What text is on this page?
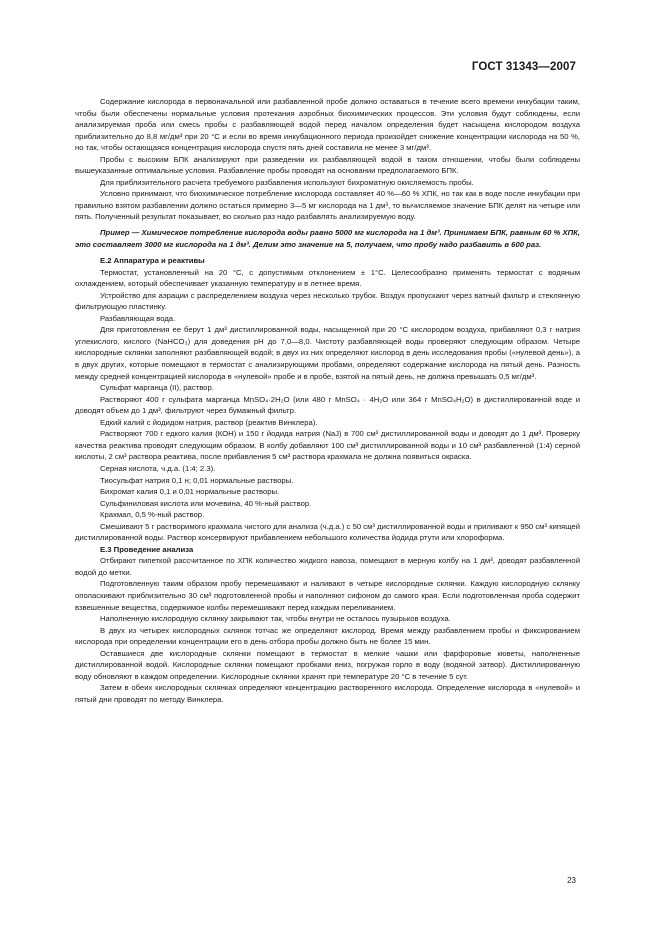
ГОСТ 31343—2007

Содержание кислорода в первоначальной или разбавленной пробе должно оставаться в течение всего времени инкубации таким, чтобы были обеспечены нормальные условия протекания аэробных биохимических процессов. Эти условия будут соблюдены, если анализируемая проба или смесь пробы с разбавляющей водой перед началом определения будет насыщена кислородом воздуха приблизительно до 8,8 мг/дм³ при 20 °С и если во время инкубационного периода произойдет снижение концентрации кислорода на 50 %, но так, чтобы остающаяся концентрация кислорода спустя пять дней составила не менее 3 мг/дм³.

Пробы с высоким БПК анализируют при разведении их разбавляющей водой в таком отношении, чтобы были соблюдены вышеуказанные оптимальные условия. Разбавление пробы проводят на основании предполагаемого БПК.

Для приблизительного расчета требуемого разбавления используют бихроматную окисляемость пробы.

Условно принимают, что биохимическое потребление кислорода составляет 40 %—60 % ХПК, но так как в воде после инкубации при правильно взятом разбавлении должно остаться примерно 3—5 мг кислорода на 1 дм³, то вычисляемое значение БПК делят на четыре или пять. Полученный результат показывает, во сколько раз надо разбавлять анализируемую воду.

Пример — Химическое потребление кислорода воды равно 5000 мг кислорода на 1 дм³. Принимаем БПК, равным 60 % ХПК, это составляет 3000 мг кислорода на 1 дм³. Делим это значение на 5, получаем, что пробу надо разбавить в 600 раз.

Е.2 Аппаратура и реактивы

Термостат, установленный на 20 °С, с допустимым отклонением ± 1°С. Целесообразно применять термостат с водяным охлаждением, который обеспечивает указанную температуру и в летнее время.

Устройство для аэрации с распределением воздуха через несколько трубок. Воздух пропускают через ватный фильтр и стеклянную фильтрующую пластинку.

Разбавляющая вода.

Для приготовления ее берут 1 дм³ дистиллированной воды, насыщенной при 20 °С кислородом воздуха, прибавляют 0,3 г натрия углекислого, кислого (NaHCO₃) для доведения рН до 7,0—8,0. Чистоту разбавляющей воды проверяют следующим образом. Четыре кислородные склянки заполняют разбавляющей водой; в двух из них определяют кислород в день исследования пробы («нулевой день»), а в двух других, которые помещают в термостат с анализирующими пробами, определяют содержание кислорода на пятый день. Разность между средней концентрацией кислорода в «нулевой» пробе и в пробе, взятой на пятый день, не должна превышать 0,5 мг/дм³.

Сульфат марганца (II), раствор.

Растворяют 400 г сульфата марганца MnSO₄·2H₂O (или 480 г MnSO₄ · 4H₂O или 364 г MnSO₄H₂O) в дистиллированной воде и доводят объем до 1 дм³, фильтруют через бумажный фильтр.

Едкий калий с йодидом натрия, раствор (реактив Винклера).

Растворяют 700 г едкого калия (КОН) и 150 г йодида натрия (NaJ) в 700 см³ дистиллированной воды и доводят до 1 дм³. Проверку качества реактива проводят следующим образом. В колбу добавляют 100 см³ дистиллированной воды и 10 см³ разбавленной (1:4) серной кислоты, 2 см³ раствора реактива, после прибавления 5 см³ раствора крахмала не должна появиться окраска.

Серная кислота, ч.д.а. (1:4; 2.3).

Тиосульфат натрия 0,1 н; 0,01 нормальные растворы.

Бихромат калия 0,1 и 0,01 нормальные растворы.

Сульфиниловая кислота или мочевина, 40 %-ный раствор.

Крахмал, 0,5 %-ный раствор.

Смешивают 5 г растворимого крахмала чистого для анализа (ч.д.а.) с 50 см³ дистиллированной воды и приливают к 950 см³ кипящей дистиллированной воды. Раствор консервируют прибавлением небольшого количества йодида ртути или хлороформа.

Е.3 Проведение анализа

Отбирают пипеткой рассчитанное по ХПК количество жидкого навоза, помещают в мерную колбу на 1 дм³, доводят разбавленной водой до метки.

Подготовленную таким образом пробу перемешивают и наливают в четыре кислородные склянки. Каждую кислородную склянку ополаскивают приблизительно 30 см³ подготовленной пробы и наполняют сифоном до самого края. Если подготовленная проба содержит взвешенные вещества, содержимое колбы перемешивают перед каждым переливанием.

Наполненную кислородную склянку закрывают так, чтобы внутри не осталось пузырьков воздуха.

В двух из четырех кислородных склянок тотчас же определяют кислород. Время между разбавлением пробы и фиксированием кислорода при определении концентрации его в день отбора пробы должно быть не более 15 мин.

Оставшиеся две кислородные склянки помещают в термостат в мелкие чашки или фарфоровые кюветы, наполненные дистиллированной водой. Кислородные склянки помещают пробками вниз, погружая горло в воду (водяной затвор). Дистиллированную воду обновляют в каждом определении. Кислородные склянки хранят при температуре 20 °С в течение 5 сут.

Затем в обеих кислородных склянках определяют концентрацию растворенного кислорода. Определение кислорода в «нулевой» и пятый дни проводят по методу Винклера.

23
